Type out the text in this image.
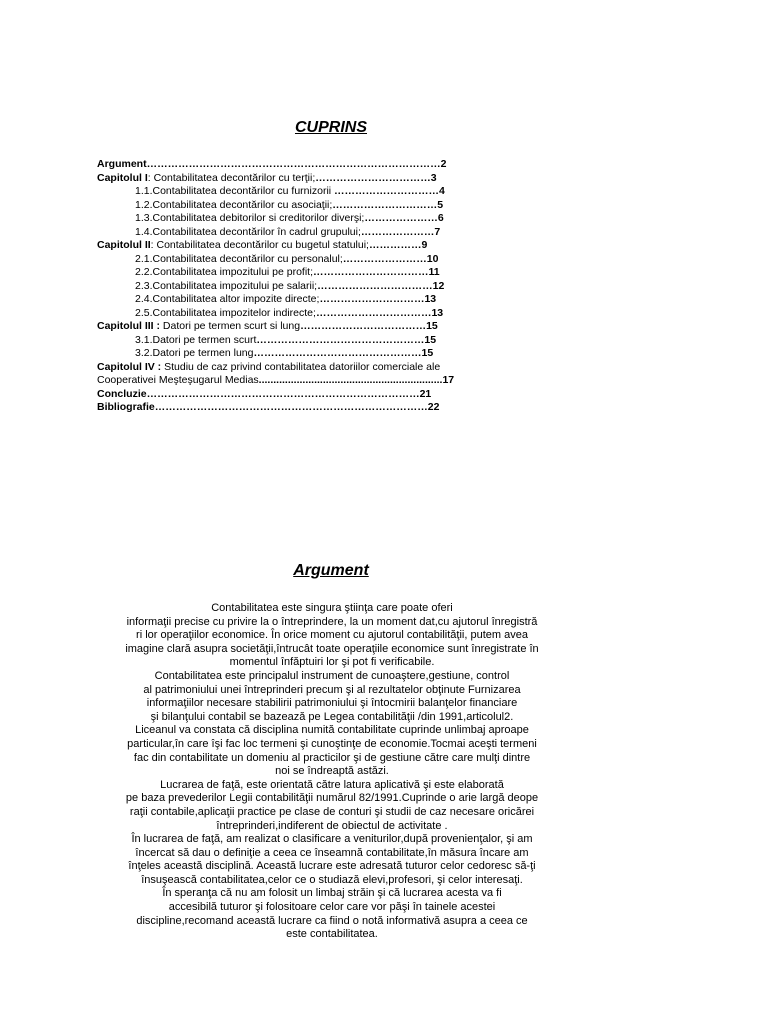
CUPRINS
Argument…………………………………………………………………………2
Capitolul I: Contabilitatea decontărilor cu terţii;……………………………3
1.1.Contabilitatea decontărilor cu furnizorii …………………………4
1.2.Contabilitatea decontărilor cu asociaţii;…………………………5
1.3.Contabilitatea debitorilor si creditorilor diverşi;…………………6
1.4.Contabilitatea decontărilor în cadrul grupului;…………………7
Capitolul II: Contabilitatea decontărilor cu bugetul statului;……………9
2.1.Contabilitatea decontărilor cu personalul;……………………10
2.2.Contabilitatea impozitului pe profit;……………………………11
2.3.Contabilitatea impozitului pe salarii;……………………………12
2.4.Contabilitatea altor impozite directe;…………………………13
2.5.Contabilitatea impozitelor indirecte;……………………………13
Capitolul III : Datori pe termen scurt si lung………………………………15
3.1.Datori pe termen scurt…………………………………………15
3.2.Datori pe termen lung…………………………………………15
Capitolul IV : Studiu de caz privind contabilitatea datoriilor comerciale ale
Cooperativei Meşteşugarul Medias...............................................................17
Concluzie……………………………………………………………………21
Bibliografie……………………………………………………………………22
Argument
Contabilitatea este singura ştiinţa care poate oferi
informaţii precise cu privire la o întreprindere, la un moment dat,cu ajutorul înregistră
ri lor operaţiilor economice. În orice moment cu ajutorul contabilităţii, putem avea
imagine clară asupra societăţii,întrucât toate operaţiile economice sunt înregistrate în
momentul înfăptuiri lor şi pot fi verificabile.
Contabilitatea este principalul instrument de cunoaştere,gestiune, control
al patrimoniului unei întreprinderi precum şi al rezultatelor obţinute Furnizarea
informaţiilor necesare stabilirii patrimoniului şi întocmirii balanţelor financiare
şi bilanţului contabil se bazează pe Legea contabilităţii /din 1991,articolul2.
Liceanul va constata că disciplina numită contabilitate cuprinde unlimbaj aproape
particular,în care îşi fac loc termeni şi cunoştinţe de economie.Tocmai aceşti termeni
fac din contabilitate un domeniu al practicilor şi de gestiune către care mulţi dintre
noi se îndreaptă astăzi.
Lucrarea de faţă, este orientată către latura aplicativă şi este elaborată
pe baza prevederilor Legii contabilităţii numărul 82/1991.Cuprinde o arie largă deope
raţii contabile,aplicaţii practice pe clase de conturi şi studii de caz necesare oricărei
întreprinderi,indiferent de obiectul de activitate .
În lucrarea de faţă, am realizat o clasificare a veniturilor,după provenienţalor, şi am
încercat să dau o definiţie a ceea ce înseamnă contabilitate,în măsura încare am
înţeles această disciplină. Această lucrare este adresată tuturor celor cedoresc să-ţi
însuşească contabilitatea,celor ce o studiază elevi,profesori, şi celor interesaţi.
În speranţa că nu am folosit un limbaj străin şi că lucrarea acesta va fi
accesibilă tuturor şi folositoare celor care vor păşi în tainele acestei
discipline,recomand această lucrare ca fiind o notă informativă asupra a ceea ce
este contabilitatea.
